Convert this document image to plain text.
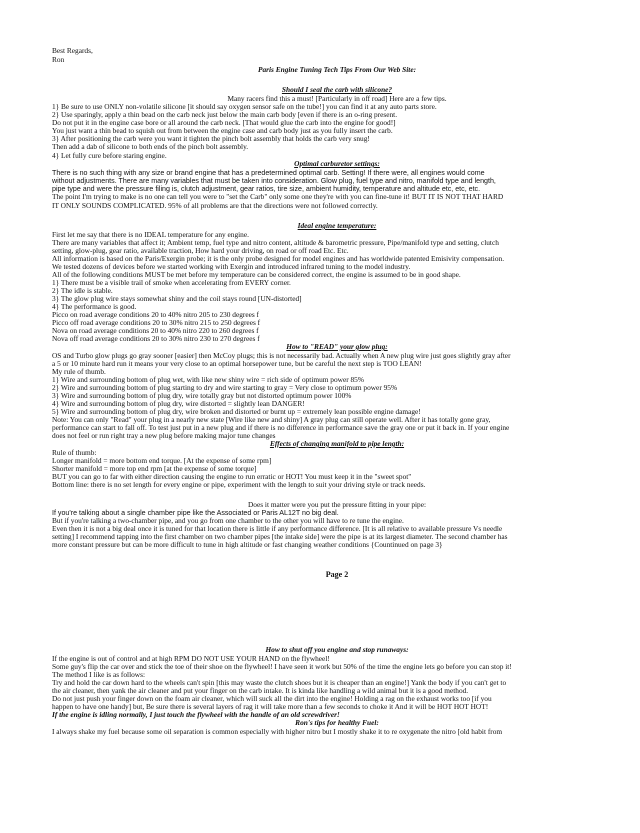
Best Regards,
Ron
Paris Engine Tuning Tech Tips From Our Web Site:
Should I seal the carb with silicone?
Many racers find this a must! [Particularly in off road] Here are a few tips.
1} Be sure to use ONLY non-volatile silicone [it should say oxygen sensor safe on the tube!] you can find it at any auto parts store.
2} Use sparingly, apply a thin bead on the carb neck just below the main carb body [even if there is an o-ring present.
Do not put it in the engine case bore or all around the carb neck. [That would glue the carb into the engine for good!]
You just want a thin bead to squish out from between the engine case and carb body just as you fully insert the carb.
3} After positioning the carb were you want it tighten the pinch bolt assembly that holds the carb very snug!
Then add a dab of silicone to both ends of the pinch bolt assembly.
4} Let fully cure before staring engine.
Optimal carburetor settings:
There is no such thing with any size or brand engine that has a predetermined optimal carb. Setting! If there were, all engines would come
without adjustments. There are many variables that must be taken into consideration. Glow plug, fuel type and nitro, manifold type and length,
pipe type and were the pressure filing is, clutch adjustment, gear ratios, tire size, ambient humidity, temperature and altitude etc, etc, etc.
The point I'm trying to make is no one can tell you were to "set the Carb" only some one they're with you can fine-tune it! BUT IT IS NOT THAT HARD
IT ONLY SOUNDS COMPLICATED. 95% of all problems are that the directions were not followed correctly.
Ideal engine temperature:
First let me say that there is no IDEAL temperature for any engine.
There are many variables that affect it; Ambient temp, fuel type and nitro content, altitude & barometric pressure, Pipe/manifold type and setting, clutch
setting, glow-plug, gear ratio, available traction, How hard your driving, on road or off road Etc. Etc.
All information is based on the Paris/Exergin probe; it is the only probe designed for model engines and has worldwide patented Emisivity compensation.
We tested dozens of devices before we started working with Exergin and introduced infrared tuning to the model industry.
All of the following conditions MUST be met before my temperature can be considered correct, the engine is assumed to be in good shape.
1} There must be a visible trail of smoke when accelerating from EVERY corner.
2} The idle is stable.
3} The glow plug wire stays somewhat shiny and the coil stays round [UN-distorted]
4} The performance is good.
Picco on road average conditions 20 to 40% nitro 205 to 230 degrees f
Picco off road average conditions 20 to 30% nitro 215 to 250 degrees f
Nova on road average conditions 20 to 40% nitro 220 to 260 degrees f
Nova off road average conditions 20 to 30% nitro 230 to 270 degrees f
How to "READ" your glow plug:
OS and Turbo glow plugs go gray sooner [easier] then McCoy plugs; this is not necessarily bad. Actually when A new plug wire just goes slightly gray after
a 5 or 10 minute hard run it means your very close to an optimal horsepower tune, but be careful the next step is TOO LEAN!
My rule of thumb.
1} Wire and surrounding bottom of plug wet, with like new shiny wire = rich side of optimum power 85%
2} Wire and surrounding bottom of plug starting to dry and wire starting to gray = Very close to optimum power 95%
3} Wire and surrounding bottom of plug dry, wire totally gray but not distorted optimum power 100%
4} Wire and surrounding bottom of plug dry, wire distorted = slightly lean DANGER!
5} Wire and surrounding bottom of plug dry, wire broken and distorted or burnt up = extremely lean possible engine damage!
Note: You can only "Read" your plug in a nearly new state [Wire like new and shiny] A gray plug can still operate well. After it has totally gone gray,
performance can start to fall off. To test just put in a new plug and if there is no difference in performance save the gray one or put it back in. If your engine
does not feel or run right tray a new plug before making major tune changes
Effects of changing manifold to pipe length:
Rule of thumb:
Longer manifold = more bottom end torque. [At the expense of some rpm]
Shorter manifold = more top end rpm [at the expense of some torque]
BUT you can go to far with either direction causing the engine to run erratic or HOT! You must keep it in the "sweet spot"
Bottom line: there is no set length for every engine or pipe, experiment with the length to suit your driving style or track needs.
Does it matter were you put the pressure fitting in your pipe:
If you're talking about a single chamber pipe like the Associated or Paris AL12T no big deal.
But if you're talking a two-chamber pipe, and you go from one chamber to the other you will have to re tune the engine.
Even then it is not a big deal once it is tuned for that location there is little if any performance difference. [It is all relative to available pressure Vs needle
setting] I recommend tapping into the first chamber on two chamber pipes [the intake side] were the pipe is at its largest diameter. The second chamber has
more constant pressure but can be more difficult to tune in high altitude or fast changing weather conditions {Countinued on page 3}
Page 2
How to shut off you engine and stop runaways:
If the engine is out of control and at high RPM DO NOT USE YOUR HAND on the flywheel!
Some guy's flip the car over and stick the toe of their shoe on the flywheel! I have seen it work but 50% of the time the engine lets go before you can stop it!
The method I like is as follows:
Try and hold the car down hard to the wheels can't spin [this may waste the clutch shoes but it is cheaper than an engine!] Yank the body if you can't get to
the air cleaner, then yank the air cleaner and put your finger on the carb intake. It is kinda like handling a wild animal but it is a good method.
Do not just push your finger down on the foam air cleaner, which will suck all the dirt into the engine! Holding a rag on the exhaust works too [if you
happen to have one handy] but, Be sure there is several layers of rag it will take more than a few seconds to choke it And it will be HOT HOT HOT!
If the engine is idling normally, I just touch the flywheel with the handle of an old screwdriver!
Ron's tips for healthy Fuel:
I always shake my fuel because some oil separation is common especially with higher nitro but I mostly shake it to re oxygenate the nitro [old habit from
